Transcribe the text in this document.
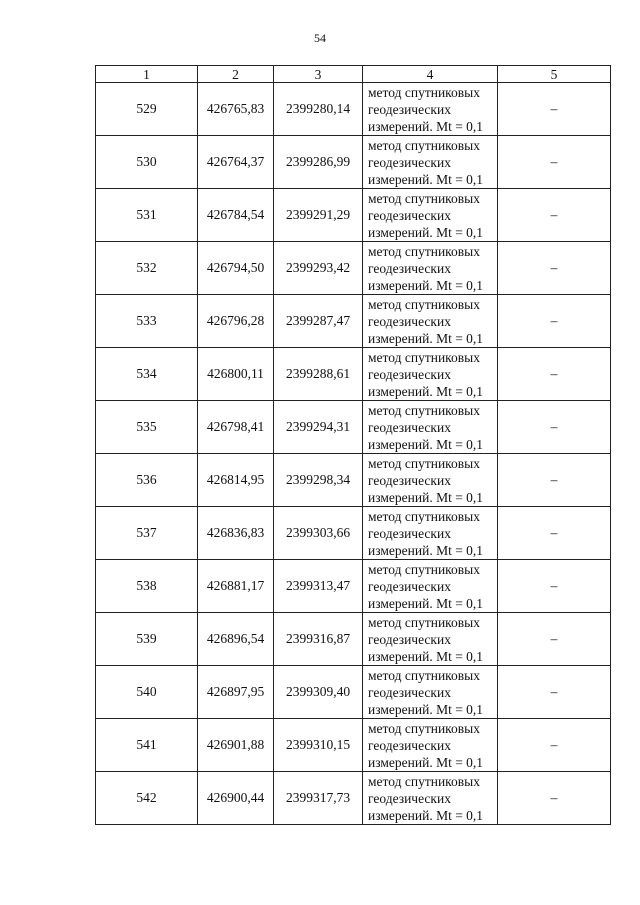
54
1	2	3	4	5
529	426765,83	2399280,14	метод спутниковых
геодезических
измерений. Mt = 0,1	–
530	426764,37	2399286,99	метод спутниковых
геодезических
измерений. Mt = 0,1	–
531	426784,54	2399291,29	метод спутниковых
геодезических
измерений. Mt = 0,1	–
532	426794,50	2399293,42	метод спутниковых
геодезических
измерений. Mt = 0,1	–
533	426796,28	2399287,47	метод спутниковых
геодезических
измерений. Mt = 0,1	–
534	426800,11	2399288,61	метод спутниковых
геодезических
измерений. Mt = 0,1	–
535	426798,41	2399294,31	метод спутниковых
геодезических
измерений. Mt = 0,1	–
536	426814,95	2399298,34	метод спутниковых
геодезических
измерений. Mt = 0,1	–
537	426836,83	2399303,66	метод спутниковых
геодезических
измерений. Mt = 0,1	–
538	426881,17	2399313,47	метод спутниковых
геодезических
измерений. Mt = 0,1	–
539	426896,54	2399316,87	метод спутниковых
геодезических
измерений. Mt = 0,1	–
540	426897,95	2399309,40	метод спутниковых
геодезических
измерений. Mt = 0,1	–
541	426901,88	2399310,15	метод спутниковых
геодезических
измерений. Mt = 0,1	–
542	426900,44	2399317,73	метод спутниковых
геодезических
измерений. Mt = 0,1	–
